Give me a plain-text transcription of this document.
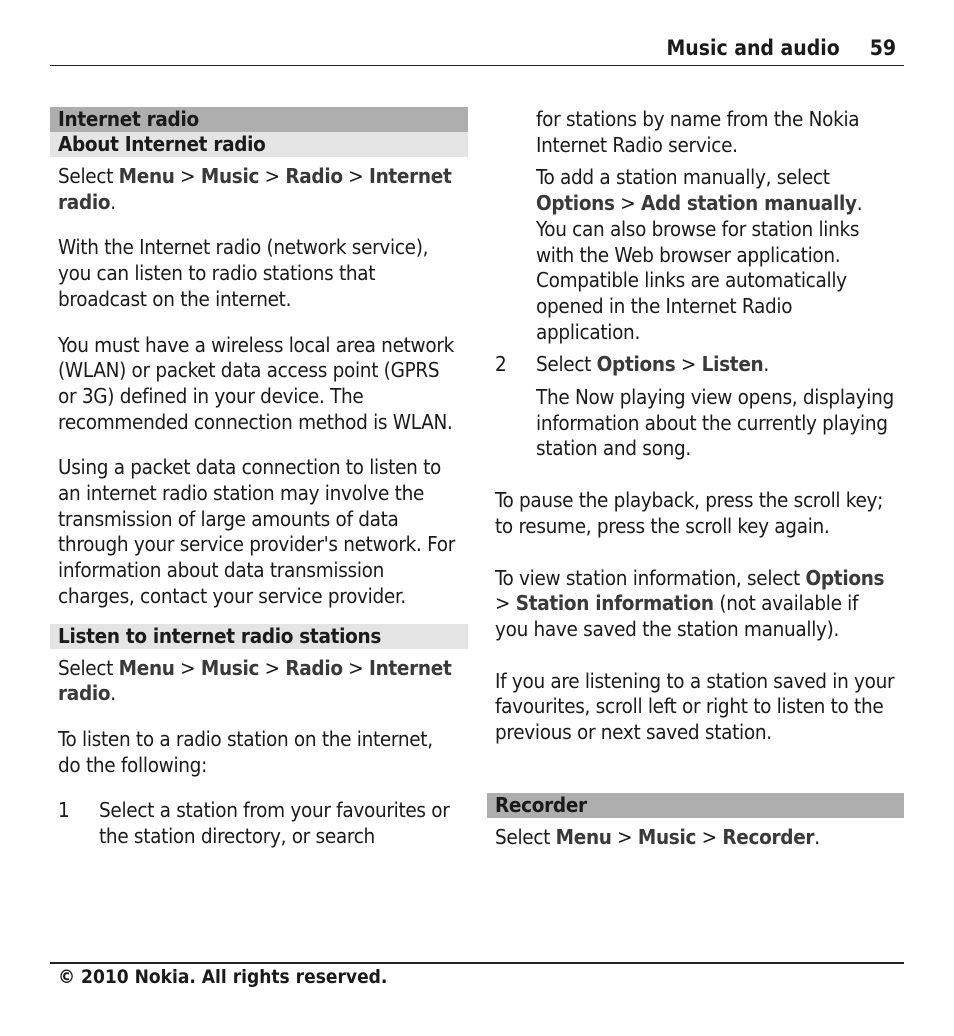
Music and audio 59
Internet radio
About Internet radio

Select Menu > Music > Radio > Internet radio.

With the Internet radio (network service), you can listen to radio stations that broadcast on the internet.

You must have a wireless local area network (WLAN) or packet data access point (GPRS or 3G) defined in your device. The recommended connection method is WLAN.

Using a packet data connection to listen to an internet radio station may involve the transmission of large amounts of data through your service provider's network. For information about data transmission charges, contact your service provider.

Listen to internet radio stations

Select Menu > Music > Radio > Internet radio.

To listen to a radio station on the internet, do the following:

1 Select a station from your favourites or the station directory, or search

for stations by name from the Nokia Internet Radio service.

To add a station manually, select Options > Add station manually. You can also browse for station links with the Web browser application. Compatible links are automatically opened in the Internet Radio application.

2 Select Options > Listen.

The Now playing view opens, displaying information about the currently playing station and song.

To pause the playback, press the scroll key; to resume, press the scroll key again.

To view station information, select Options > Station information (not available if you have saved the station manually).

If you are listening to a station saved in your favourites, scroll left or right to listen to the previous or next saved station.

Recorder

Select Menu > Music > Recorder.

© 2010 Nokia. All rights reserved.
